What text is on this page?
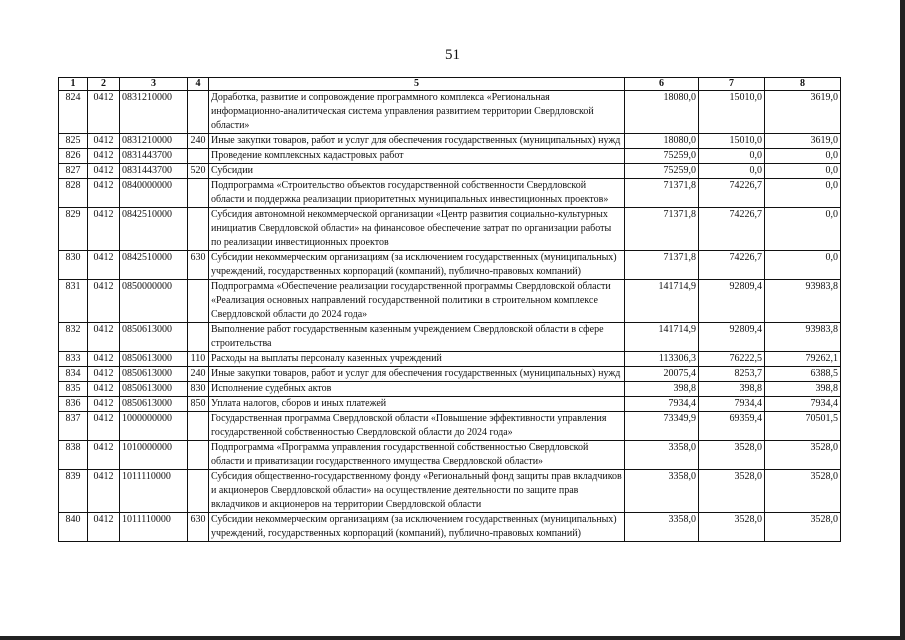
51
1	2	3	4	5	6	7	8
824	0412	0831210000		Доработка, развитие и сопровождение программного комплекса «Региональная информационно-аналитическая система управления развитием территории Свердловской области»	18080,0	15010,0	3619,0
825	0412	0831210000	240	Иные закупки товаров, работ и услуг для обеспечения государственных (муниципальных) нужд	18080,0	15010,0	3619,0
826	0412	0831443700		Проведение комплексных кадастровых работ	75259,0	0,0	0,0
827	0412	0831443700	520	Субсидии	75259,0	0,0	0,0
828	0412	0840000000		Подпрограмма «Строительство объектов государственной собственности Свердловской области и поддержка реализации приоритетных муниципальных инвестиционных проектов»	71371,8	74226,7	0,0
829	0412	0842510000		Субсидия автономной некоммерческой организации «Центр развития социально-культурных инициатив Свердловской области» на финансовое обеспечение затрат по организации работы по реализации инвестиционных проектов	71371,8	74226,7	0,0
830	0412	0842510000	630	Субсидии некоммерческим организациям (за исключением государственных (муниципальных) учреждений, государственных корпораций (компаний), публично-правовых компаний)	71371,8	74226,7	0,0
831	0412	0850000000		Подпрограмма «Обеспечение реализации государственной программы Свердловской области «Реализация основных направлений государственной политики в строительном комплексе Свердловской области до 2024 года»	141714,9	92809,4	93983,8
832	0412	0850613000		Выполнение работ государственным казенным учреждением Свердловской области в сфере строительства	141714,9	92809,4	93983,8
833	0412	0850613000	110	Расходы на выплаты персоналу казенных учреждений	113306,3	76222,5	79262,1
834	0412	0850613000	240	Иные закупки товаров, работ и услуг для обеспечения государственных (муниципальных) нужд	20075,4	8253,7	6388,5
835	0412	0850613000	830	Исполнение судебных актов	398,8	398,8	398,8
836	0412	0850613000	850	Уплата налогов, сборов и иных платежей	7934,4	7934,4	7934,4
837	0412	1000000000		Государственная программа Свердловской области «Повышение эффективности управления государственной собственностью Свердловской области до 2024 года»	73349,9	69359,4	70501,5
838	0412	1010000000		Подпрограмма «Программа управления государственной собственностью Свердловской области и приватизации государственного имущества Свердловской области»	3358,0	3528,0	3528,0
839	0412	1011110000		Субсидия общественно-государственному фонду «Региональный фонд защиты прав вкладчиков и акционеров Свердловской области» на осуществление деятельности по защите прав вкладчиков и акционеров на территории Свердловской области	3358,0	3528,0	3528,0
840	0412	1011110000	630	Субсидии некоммерческим организациям (за исключением государственных (муниципальных) учреждений, государственных корпораций (компаний), публично-правовых компаний)	3358,0	3528,0	3528,0
